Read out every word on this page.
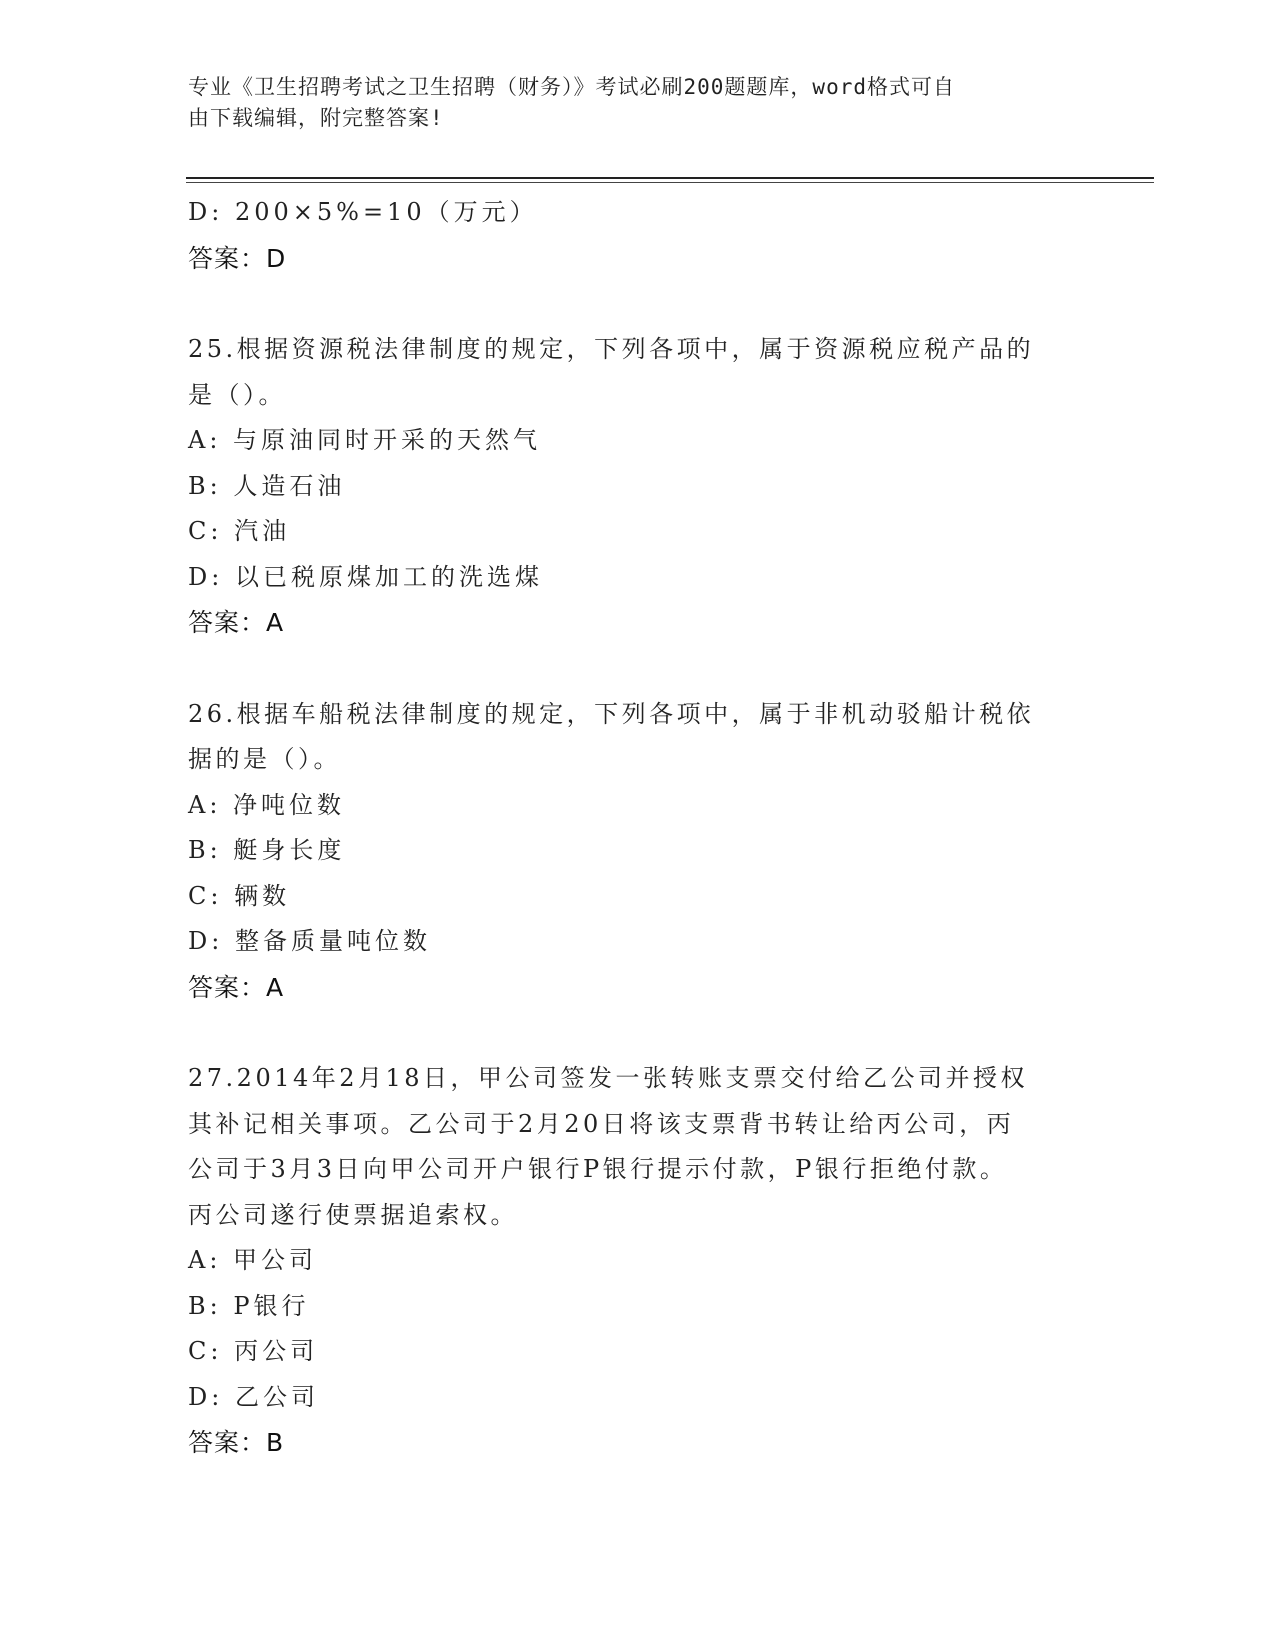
专业《卫生招聘考试之卫生招聘（财务）》考试必刷200题题库，word格式可自
由下载编辑，附完整答案!
D: 200×5%=10（万元）
答案：D
25.根据资源税法律制度的规定，下列各项中，属于资源税应税产品的
是（）。
A: 与原油同时开采的天然气
B: 人造石油
C: 汽油
D: 以已税原煤加工的洗选煤
答案：A
26.根据车船税法律制度的规定，下列各项中，属于非机动驳船计税依
据的是（）。
A: 净吨位数
B: 艇身长度
C: 辆数
D: 整备质量吨位数
答案：A
27.2014年2月18日，甲公司签发一张转账支票交付给乙公司并授权
其补记相关事项。乙公司于2月20日将该支票背书转让给丙公司，丙
公司于3月3日向甲公司开户银行P银行提示付款，P银行拒绝付款。
丙公司遂行使票据追索权。
A: 甲公司
B: P银行
C: 丙公司
D: 乙公司
答案：B
